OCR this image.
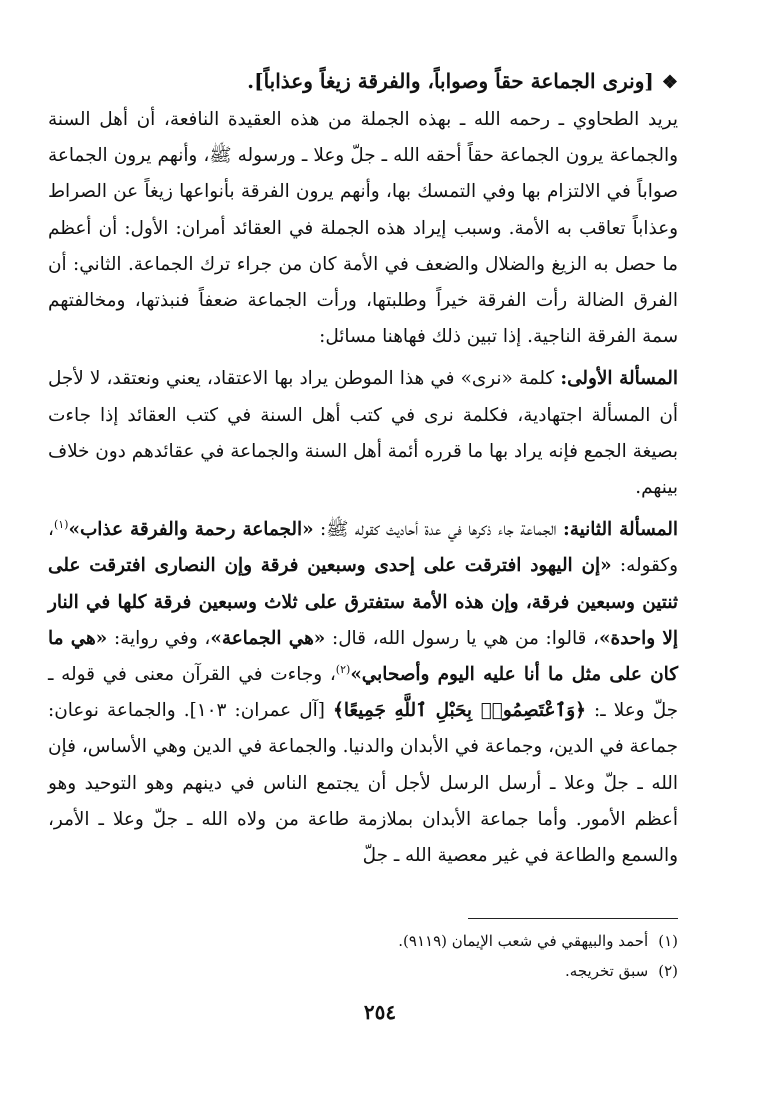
❖[ونرى الجماعة حقاً وصواباً، والفرقة زيغاً وعذاباً].

يريد الطحاوي ـ رحمه الله ـ بهذه الجملة من هذه العقيدة النافعة، أن أهل السنة والجماعة يرون الجماعة حقاً أحقه الله ـ جلّ وعلا ـ ورسوله ﷺ، وأنهم يرون الجماعة صواباً في الالتزام بها وفي التمسك بها، وأنهم يرون الفرقة بأنواعها زيغاً عن الصراط وعذاباً تعاقب به الأمة. وسبب إيراد هذه الجملة في العقائد أمران: الأول: أن أعظم ما حصل به الزيغ والضلال والضعف في الأمة كان من جراء ترك الجماعة. الثاني: أن الفرق الضالة رأت الفرقة خيراً وطلبتها، ورأت الجماعة ضعفاً فنبذتها، ومخالفتهم سمة الفرقة الناجية. إذا تبين ذلك فهاهنا مسائل:

المسألة الأولى: كلمة «نرى» في هذا الموطن يراد بها الاعتقاد، يعني ونعتقد، لا لأجل أن المسألة اجتهادية، فكلمة نرى في كتب أهل السنة في كتب العقائد إذا جاءت بصيغة الجمع فإنه يراد بها ما قرره أئمة أهل السنة والجماعة في عقائدهم دون خلاف بينهم.

المسألة الثانية: الجماعة جاء ذكرها في عدة أحاديث كقوله ﷺ: «الجماعة رحمة والفرقة عذاب»$^{(١)}$، وكقوله: «إن اليهود افترقت على إحدى وسبعين فرقة وإن النصارى افترقت على ثنتين وسبعين فرقة، وإن هذه الأمة ستفترق على ثلاث وسبعين فرقة كلها في النار إلا واحدة»، قالوا: من هي يا رسول الله، قال: «هي الجماعة»، وفي رواية: «هي ما كان على مثل ما أنا عليه اليوم وأصحابي»$^{(٢)}$، وجاءت في القرآن معنى في قوله ـ جلّ وعلا ـ: ﴿وَٱعْتَصِمُوا۟ بِحَبْلِ ٱللَّهِ جَمِيعًا﴾ [آل عمران: ١٠٣]. والجماعة نوعان: جماعة في الدين، وجماعة في الأبدان والدنيا. والجماعة في الدين وهي الأساس، فإن الله ـ جلّ وعلا ـ أرسل الرسل لأجل أن يجتمع الناس في دينهم وهو التوحيد وهو أعظم الأمور. وأما جماعة الأبدان بملازمة طاعة من ولاه الله ـ جلّ وعلا ـ الأمر، والسمع والطاعة في غير معصية الله ـ جلّ

(١)أحمد والبيهقي في شعب الإيمان (٩١١٩).
(٢)سبق تخريجه.
٢٥٤
